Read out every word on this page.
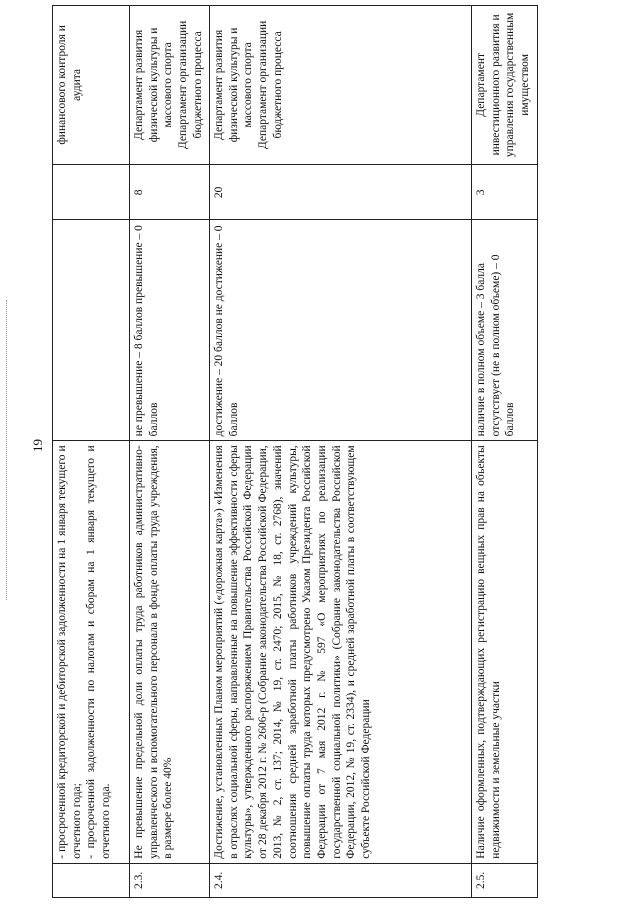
19

	- просроченной кредиторской и дебиторской задолженности на 1 января текущего и отчетного года; - просроченной задолженности по налогам и сборам на 1 января текущего и отчетного года.			финансового контроля и аудита	
2.3.	Не превышение предельной доли оплаты труда работников административно-управленческого и вспомогательного персонала в фонде оплаты труда учреждения, в размере более 40%	не превышение – 8 баллов превышение – 0 баллов	8	Департамент развития физической культуры и массового спорта Департамент организации бюджетного процесса	
2.4.	Достижение, установленных Планом мероприятий («дорожная карта») «Изменения в отраслях социальной сферы, направленные на повышение эффективности сферы культуры», утвержденного распоряжением Правительства Российской Федерации от 28 декабря 2012 г. № 2606-р (Собрание законодательства Российской Федерации, 2013, № 2, ст. 137; 2014, № 19, ст. 2470; 2015, № 18, ст. 2768), значений соотношения средней заработной платы работников учреждений культуры, повышение оплаты труда которых предусмотрено Указом Президента Российской Федерации от 7 мая 2012 г. № 597 «О мероприятиях по реализации государственной социальной политики» (Собрание законодательства Российской Федерации, 2012, № 19, ст. 2334), и средней заработной платы в соответствующем субъекте Российской Федерации	достижение – 20 баллов не достижение – 0 баллов	20	Департамент развития физической культуры и массового спорта Департамент организации бюджетного процесса	
2.5.	Наличие оформленных, подтверждающих регистрацию вещных прав на объекты недвижимости и земельные участки	наличие в полном объеме – 3 балла отсутствует (не в полном объеме) – 0 баллов	3	Департамент инвестиционного развития и управления государственным имуществом	
